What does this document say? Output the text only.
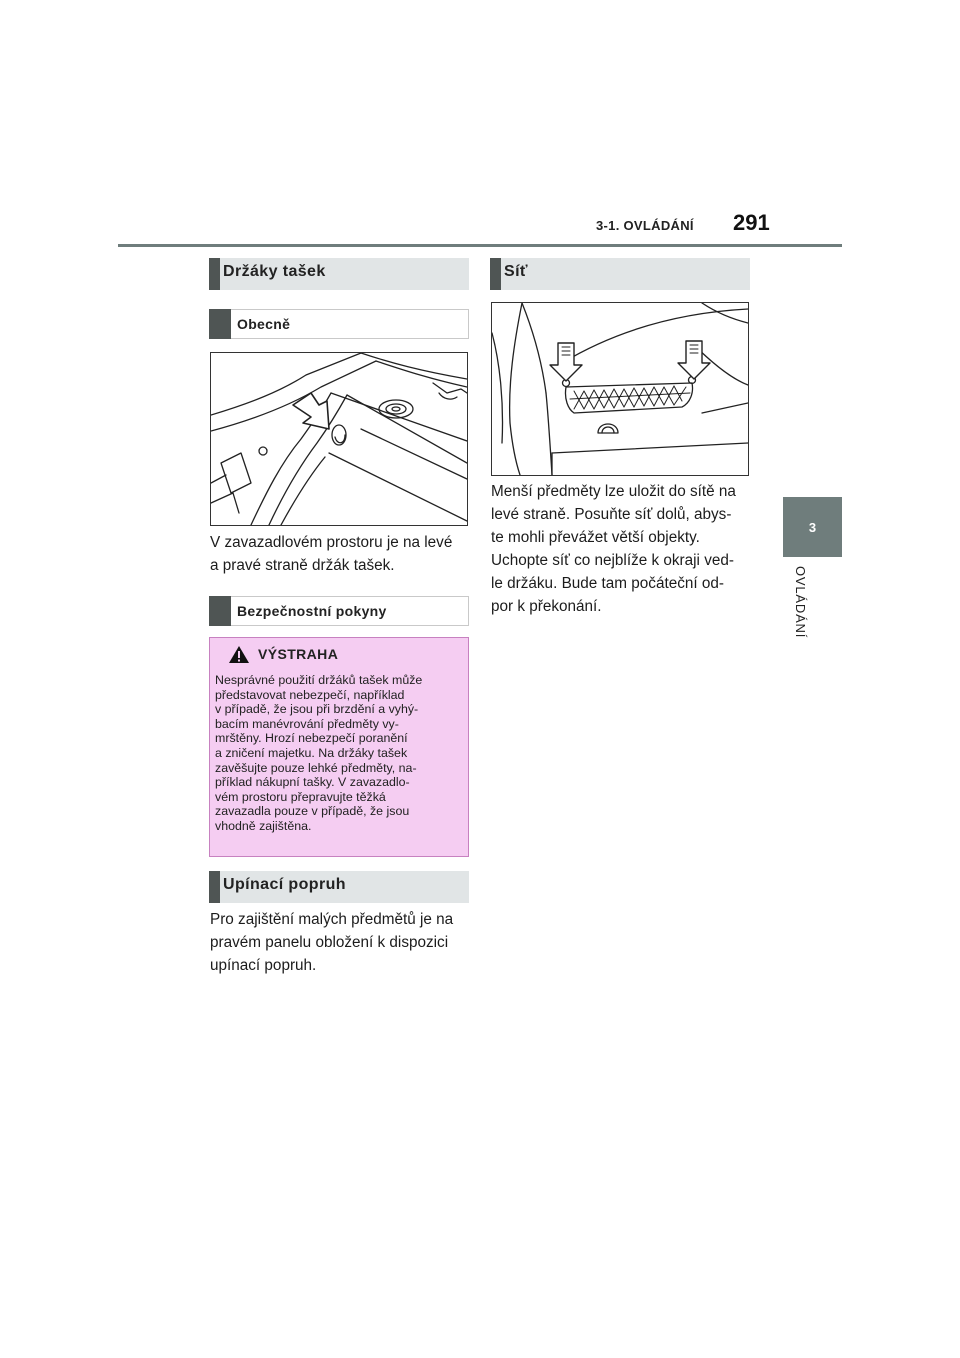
3-1. OVLÁDÁNÍ 291
3
OVLÁDÁNÍ
Držáky tašek
Obecně

V zavazadlovém prostoru je na levé

a pravé straně držák tašek.

Bezpečnostní pokyny
VÝSTRAHA

Nesprávné použití držáků tašek může

představovat nebezpečí, například

v případě, že jsou při brzdění a vyhý-

bacím manévrování předměty vy-

mrštěny. Hrozí nebezpečí poranění

a zničení majetku. Na držáky tašek

zavěšujte pouze lehké předměty, na-

příklad nákupní tašky. V zavazadlo-

vém prostoru přepravujte těžká

zavazadla pouze v případě, že jsou

vhodně zajištěna.

Upínací popruh

Pro zajištění malých předmětů je na

pravém panelu obložení k dispozici

upínací popruh.

Síť

Menší předměty lze uložit do sítě na

levé straně. Posuňte síť dolů, abys-

te mohli převážet větší objekty.

Uchopte síť co nejblíže k okraji ved-

le držáku. Bude tam počáteční od-

por k překonání.
